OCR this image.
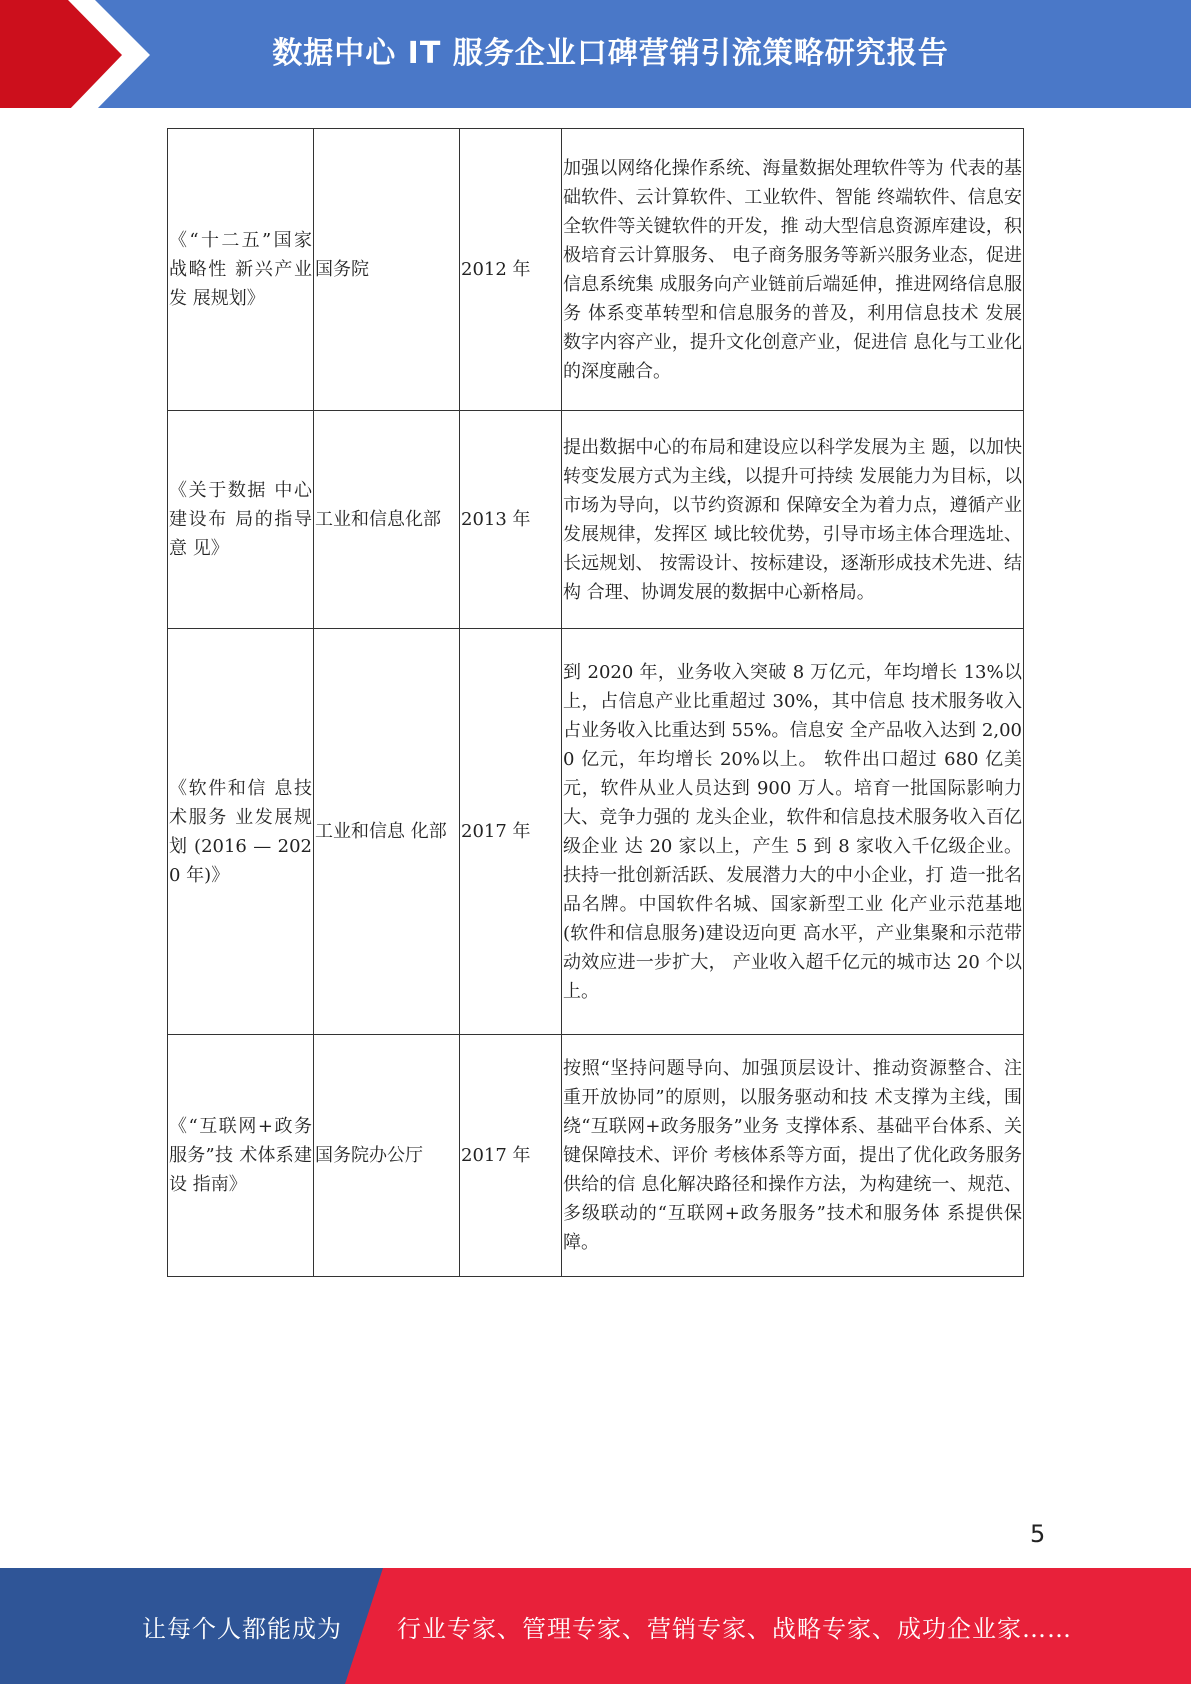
数据中心 IT 服务企业口碑营销引流策略研究报告
《“十二五”国家战略性 新兴产业发 展规划》	国务院	2012 年	加强以网络化操作系统、海量数据处理软件等为 代表的基础软件、云计算软件、工业软件、智能 终端软件、信息安全软件等关键软件的开发，推 动大型信息资源库建设，积极培育云计算服务、 电子商务服务等新兴服务业态，促进信息系统集 成服务向产业链前后端延伸，推进网络信息服务 体系变革转型和信息服务的普及，利用信息技术 发展数字内容产业，提升文化创意产业，促进信 息化与工业化的深度融合。
《关于数据 中心建设布 局的指导意 见》	工业和信息化部	2013 年	提出数据中心的布局和建设应以科学发展为主 题，以加快转变发展方式为主线，以提升可持续 发展能力为目标，以市场为导向，以节约资源和 保障安全为着力点，遵循产业发展规律，发挥区 域比较优势，引导市场主体合理选址、长远规划、 按需设计、按标建设，逐渐形成技术先进、结构 合理、协调发展的数据中心新格局。
《软件和信 息技术服务 业发展规划 (2016 — 2020 年)》	工业和信息 化部	2017 年	到 2020 年，业务收入突破 8 万亿元，年均增长 13%以上，占信息产业比重超过 30%，其中信息 技术服务收入占业务收入比重达到 55%。信息安 全产品收入达到 2,000 亿元，年均增长 20%以上。 软件出口超过 680 亿美元，软件从业人员达到 900 万人。培育一批国际影响力大、竞争力强的 龙头企业，软件和信息技术服务收入百亿级企业 达 20 家以上，产生 5 到 8 家收入千亿级企业。 扶持一批创新活跃、发展潜力大的中小企业，打 造一批名品名牌。中国软件名城、国家新型工业 化产业示范基地(软件和信息服务)建设迈向更 高水平，产业集聚和示范带动效应进一步扩大， 产业收入超千亿元的城市达 20 个以上。
《“互联网+政务服务”技 术体系建设 指南》	国务院办公厅	2017 年	按照“坚持问题导向、加强顶层设计、推动资源整合、注重开放协同”的原则，以服务驱动和技 术支撑为主线，围绕“互联网+政务服务”业务 支撑体系、基础平台体系、关键保障技术、评价 考核体系等方面，提出了优化政务服务供给的信 息化解决路径和操作方法，为构建统一、规范、 多级联动的“互联网+政务服务”技术和服务体 系提供保障。
5
让每个人都能成为 行业专家、管理专家、营销专家、战略专家、成功企业家……
